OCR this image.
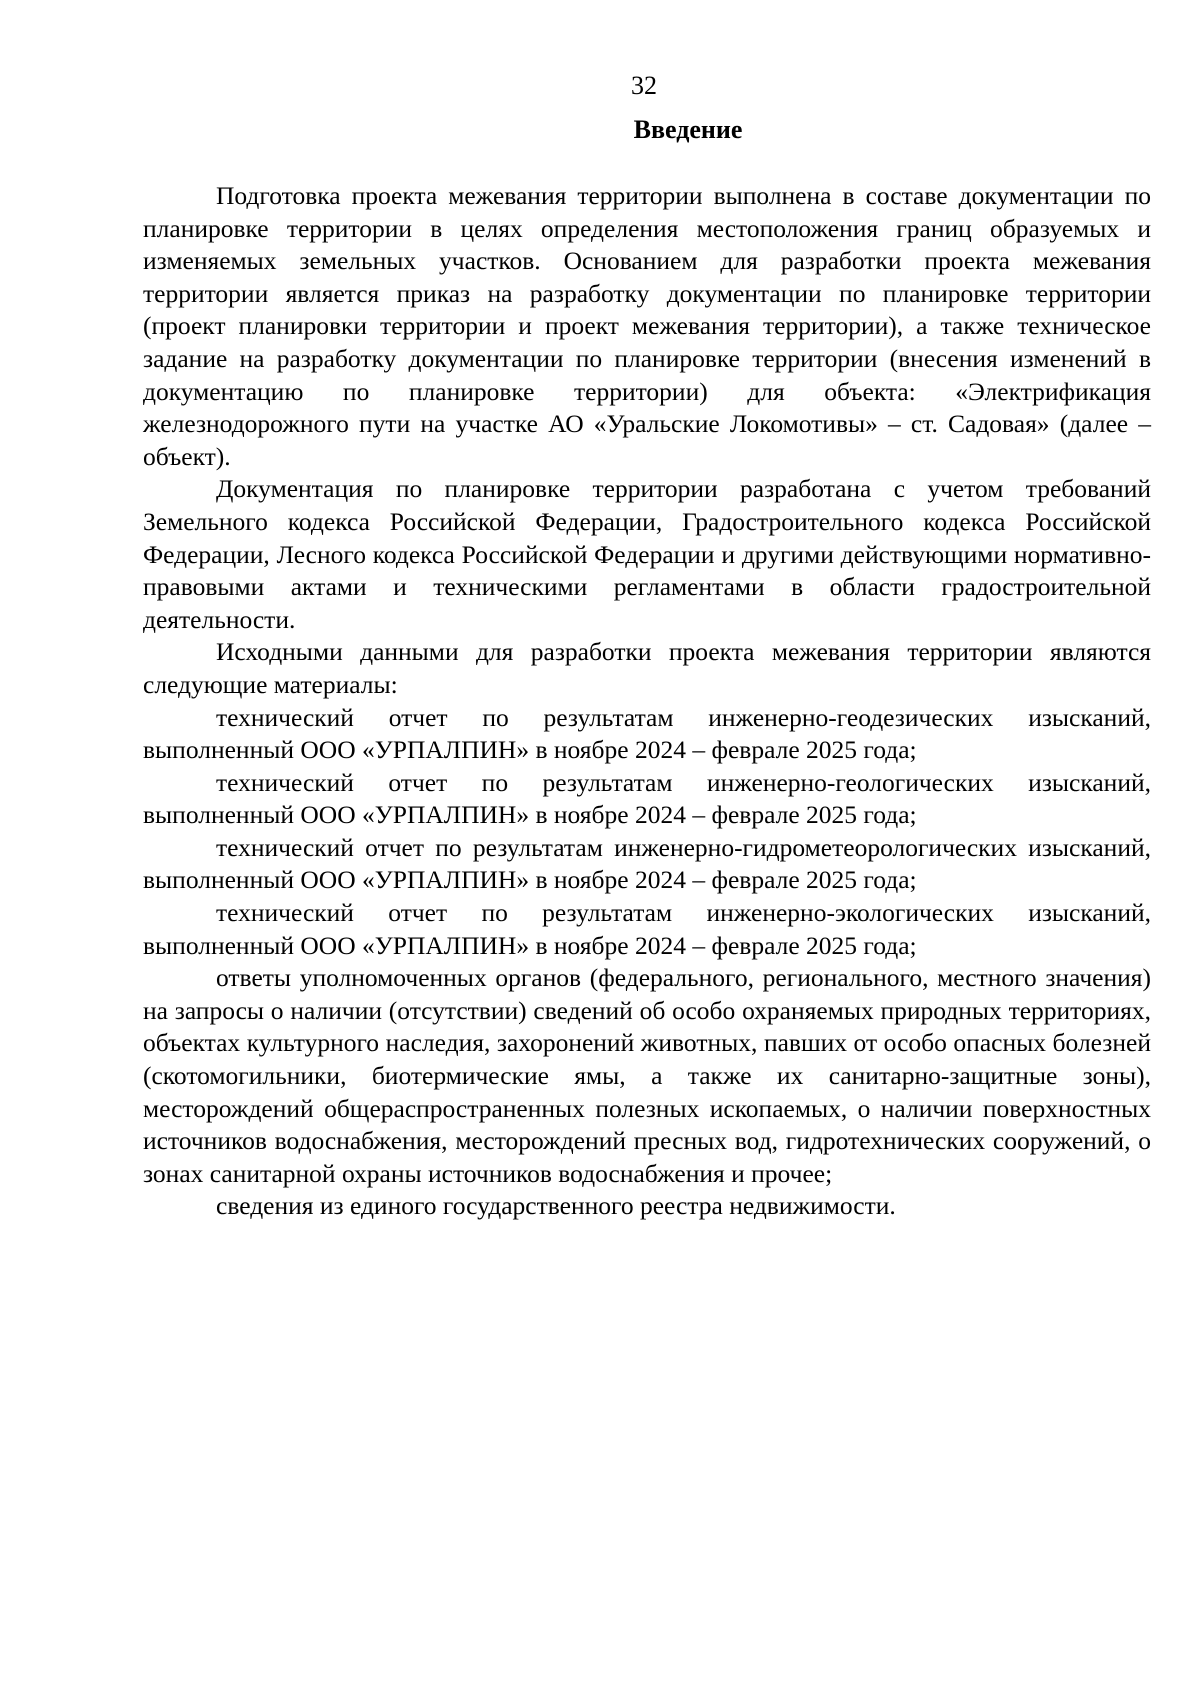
32
Введение

Подготовка проекта межевания территории выполнена в составе документации по планировке территории в целях определения местоположения границ образуемых и изменяемых земельных участков. Основанием для разработки проекта межевания территории является приказ на разработку документации по планировке территории (проект планировки территории и проект межевания территории), а также техническое задание на разработку документации по планировке территории (внесения изменений в документацию по планировке территории) для объекта: «Электрификация железнодорожного пути на участке АО «Уральские Локомотивы» – ст. Садовая» (далее – объект).

Документация по планировке территории разработана с учетом требований Земельного кодекса Российской Федерации, Градостроительного кодекса Российской Федерации, Лесного кодекса Российской Федерации и другими действующими нормативно-правовыми актами и техническими регламентами в области градостроительной деятельности.

Исходными данными для разработки проекта межевания территории являются следующие материалы:

технический отчет по результатам инженерно-геодезических изысканий, выполненный ООО «УРПАЛПИН» в ноябре 2024 – феврале 2025 года;

технический отчет по результатам инженерно-геологических изысканий, выполненный ООО «УРПАЛПИН» в ноябре 2024 – феврале 2025 года;

технический отчет по результатам инженерно-гидрометеорологических изысканий, выполненный ООО «УРПАЛПИН» в ноябре 2024 – феврале 2025 года;

технический отчет по результатам инженерно-экологических изысканий, выполненный ООО «УРПАЛПИН» в ноябре 2024 – феврале 2025 года;

ответы уполномоченных органов (федерального, регионального, местного значения) на запросы о наличии (отсутствии) сведений об особо охраняемых природных территориях, объектах культурного наследия, захоронений животных, павших от особо опасных болезней (скотомогильники, биотермические ямы, а также их санитарно-защитные зоны), месторождений общераспространенных полезных ископаемых, о наличии поверхностных источников водоснабжения, месторождений пресных вод, гидротехнических сооружений, о зонах санитарной охраны источников водоснабжения и прочее;

сведения из единого государственного реестра недвижимости.
